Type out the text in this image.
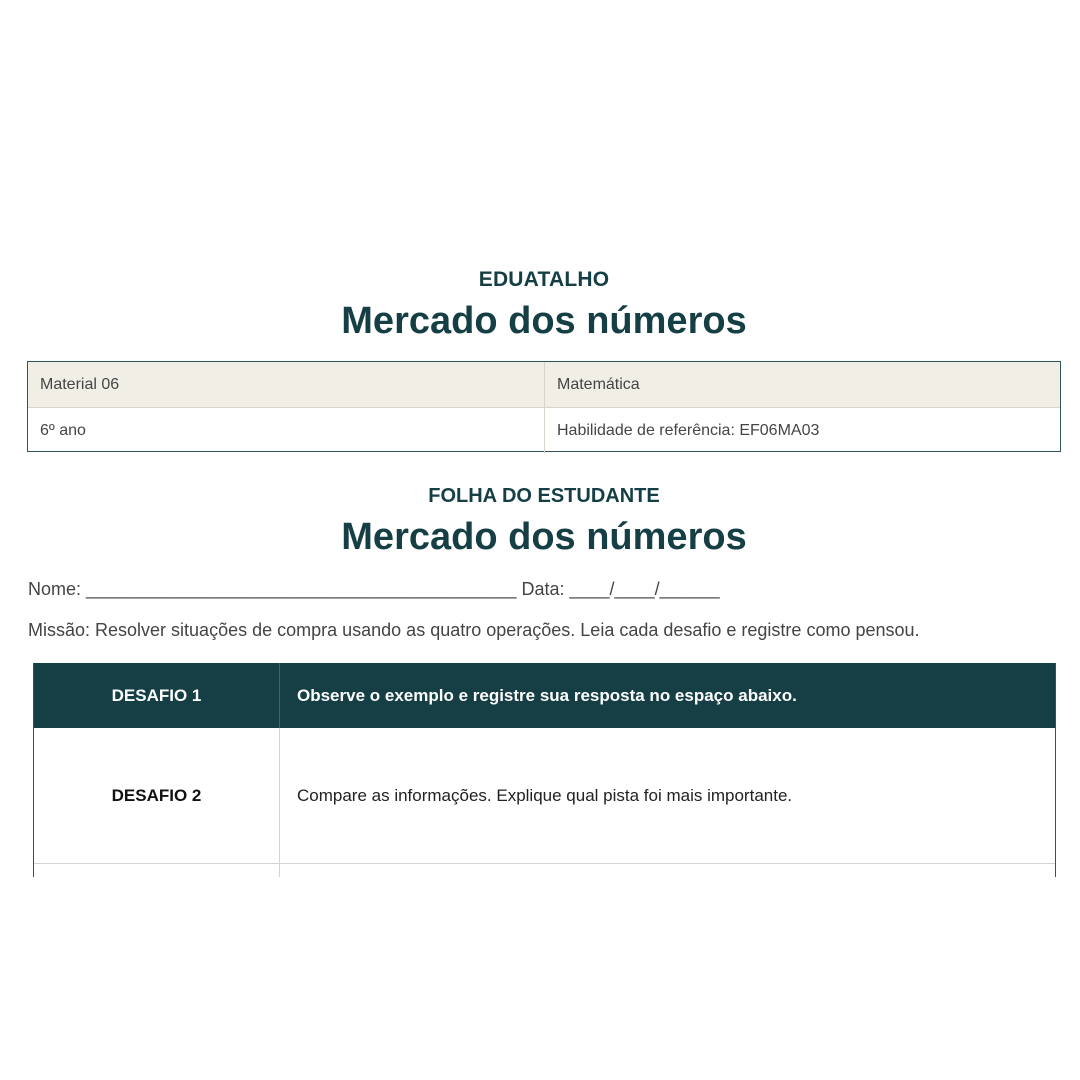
EDUATALHO
Mercado dos números
Material 06	Matemática
6º ano	Habilidade de referência: EF06MA03
FOLHA DO ESTUDANTE
Mercado dos números
Nome: ___________________________________________ Data: ____/____/______
Missão: Resolver situações de compra usando as quatro operações. Leia cada desafio e registre como pensou.
DESAFIO 1	Observe o exemplo e registre sua resposta no espaço abaixo.
DESAFIO 2	Compare as informações. Explique qual pista foi mais importante.
